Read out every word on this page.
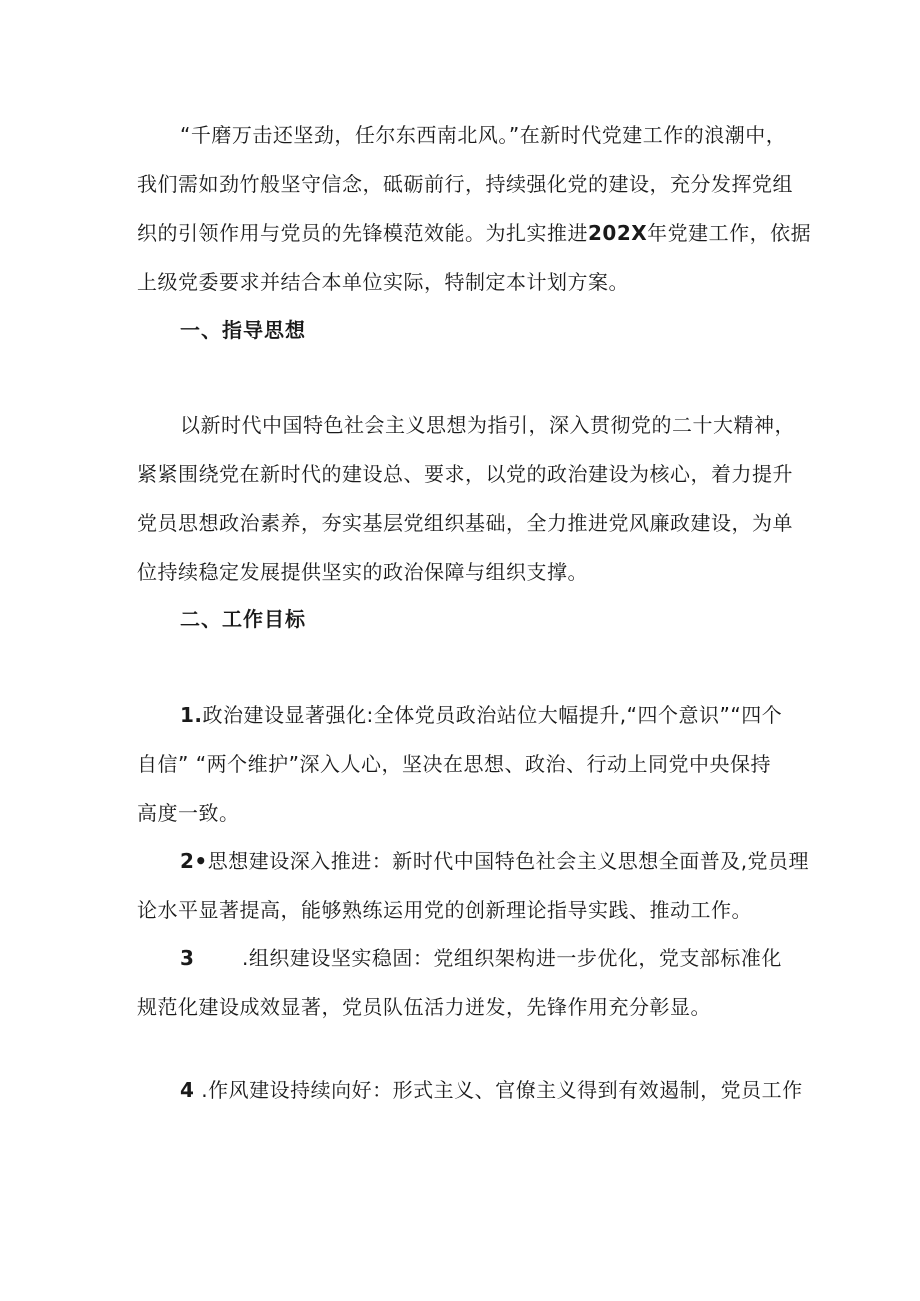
“千磨万击还坚劲，任尔东西南北风。”在新时代党建工作的浪潮中，
我们需如劲竹般坚守信念，砥砺前行，持续强化党的建设，充分发挥党组
织的引领作用与党员的先锋模范效能。为扎实推进202X年党建工作，依据
上级党委要求并结合本单位实际，特制定本计划方案。
一、指导思想
以新时代中国特色社会主义思想为指引，深入贯彻党的二十大精神，
紧紧围绕党在新时代的建设总、要求，以党的政治建设为核心，着力提升
党员思想政治素养，夯实基层党组织基础，全力推进党风廉政建设，为单
位持续稳定发展提供坚实的政治保障与组织支撑。
二、工作目标
1.政治建设显著强化:全体党员政治站位大幅提升,“四个意识”“四个
自信” “两个维护”深入人心，坚决在思想、政治、行动上同党中央保持
高度一致。
2•思想建设深入推进：新时代中国特色社会主义思想全面普及,党员理
论水平显著提高，能够熟练运用党的创新理论指导实践、推动工作。
3 .组织建设坚实稳固：党组织架构进一步优化，党支部标准化
规范化建设成效显著，党员队伍活力迸发，先锋作用充分彰显。
4 .作风建设持续向好：形式主义、官僚主义得到有效遏制，党员工作
